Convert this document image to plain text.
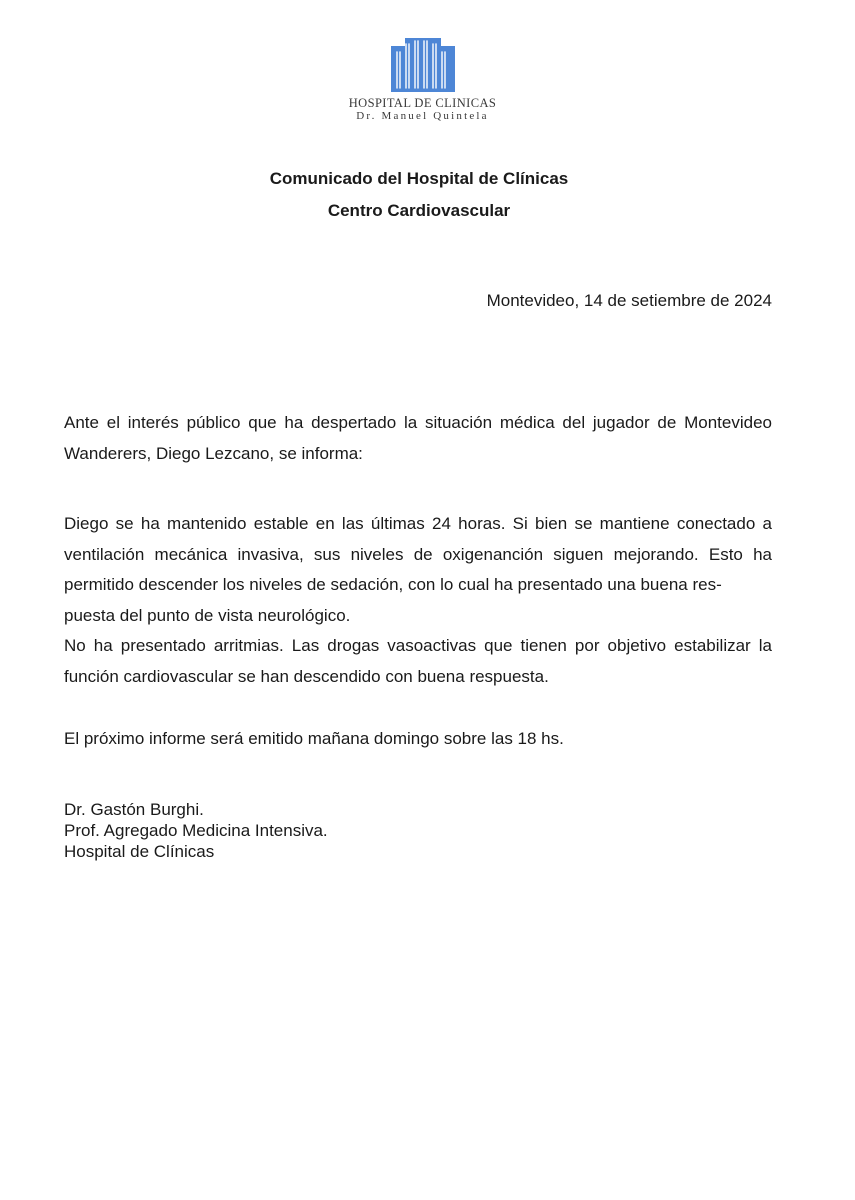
HOSPITAL DE CLINICAS
Dr. Manuel Quintela
Comunicado del Hospital de Clínicas
Centro Cardiovascular
Montevideo, 14 de setiembre de 2024

Ante el interés público que ha despertado la situación médica del jugador de Montevideo Wanderers, Diego Lezcano, se informa:

Diego se ha mantenido estable en las últimas 24 horas. Si bien se mantiene conectado a ventilación mecánica invasiva, sus niveles de oxigenanción siguen mejorando. Esto ha permitido descender los niveles de sedación, con lo cual ha presentado una buena res-
puesta del punto de vista neurológico.
No ha presentado arritmias. Las drogas vasoactivas que tienen por objetivo estabilizar la función cardiovascular se han descendido con buena respuesta.

El próximo informe será emitido mañana domingo sobre las 18 hs.

Dr. Gastón Burghi.
Prof. Agregado Medicina Intensiva.
Hospital de Clínicas
